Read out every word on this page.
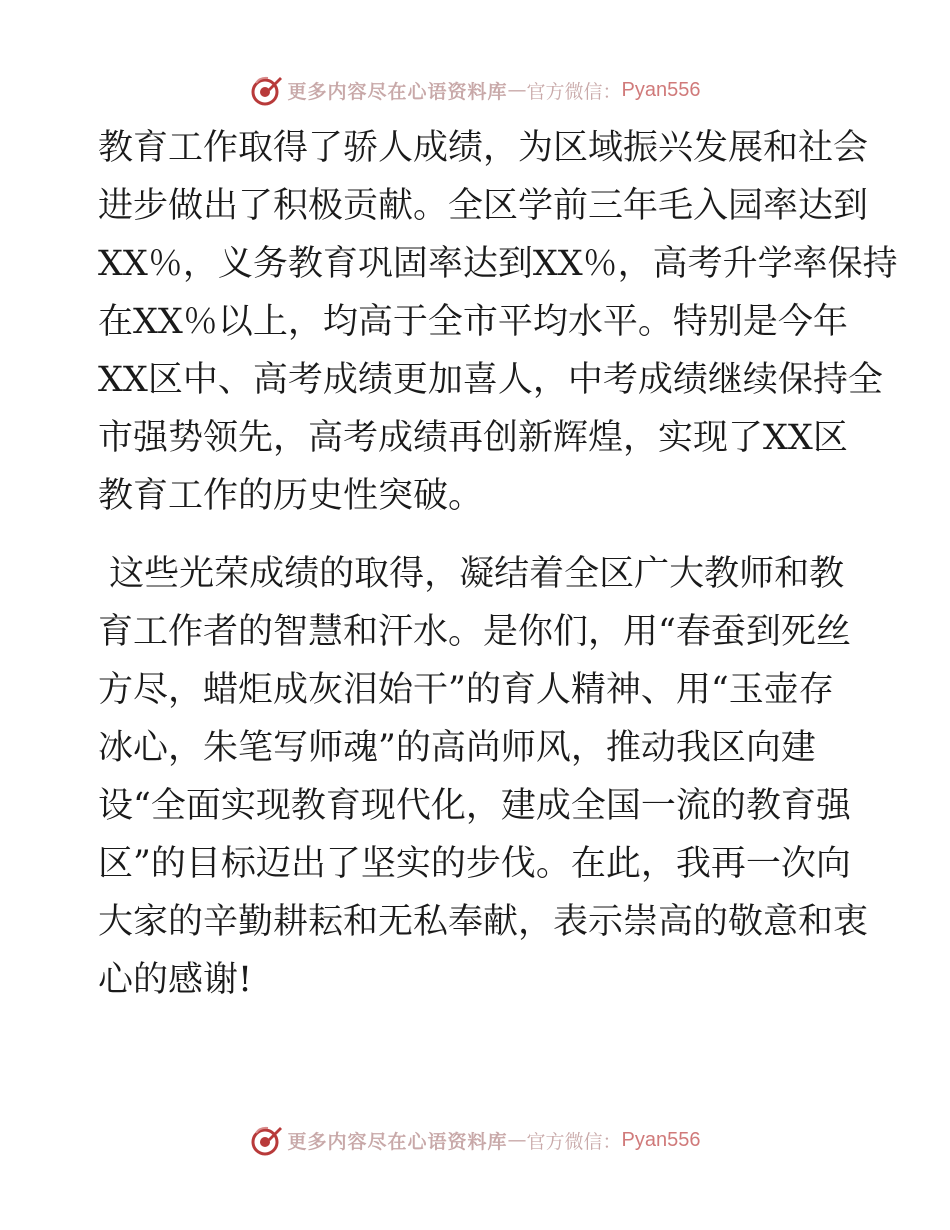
更多内容尽在心语资料库 — 官方微信： Pyan556
教育工作取得了骄人成绩，为区域振兴发展和社会
进步做出了积极贡献。全区学前三年毛入园率达到
XX％，义务教育巩固率达到XX％，高考升学率保持
在XX％以上，均高于全市平均水平。特别是今年
XX区中、高考成绩更加喜人，中考成绩继续保持全
市强势领先，高考成绩再创新辉煌，实现了XX区
教育工作的历史性突破。
这些光荣成绩的取得，凝结着全区广大教师和教
育工作者的智慧和汗水。是你们，用“春蚕到死丝
方尽，蜡炬成灰泪始干”的育人精神、用“玉壶存
冰心，朱笔写师魂”的高尚师风，推动我区向建
设“全面实现教育现代化，建成全国一流的教育强
区”的目标迈出了坚实的步伐。在此，我再一次向
大家的辛勤耕耘和无私奉献，表示崇高的敬意和衷
心的感谢!
更多内容尽在心语资料库 — 官方微信： Pyan556
